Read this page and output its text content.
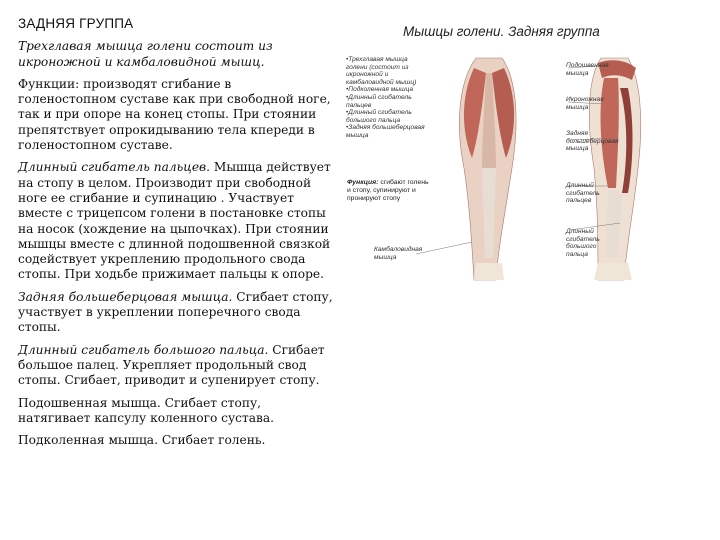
ЗАДНЯЯ ГРУППА

Трехглавая мышца голени состоит из икроножной и камбаловидной мышц.

Функции: производят сгибание в голеностопном суставе как при свободной ноге, так и при опоре на конец стопы. При стоянии препятствует опрокидыванию тела кпереди в голеностопном суставе.

Длинный сгибатель пальцев. Мышца действует на стопу в целом. Производит при свободной ноге ее сгибание и супинацию . Участвует вместе с трицепсом голени в постановке стопы на носок (хождение на цыпочках). При стоянии мышцы вместе с длинной подошвенной связкой содействует укреплению продольного свода стопы. При ходьбе прижимает пальцы к опоре.

Задняя большеберцовая мышца. Сгибает стопу, участвует в укреплении поперечного свода стопы.

Длинный сгибатель большого пальца. Сгибает большое палец. Укрепляет продольный свод стопы. Сгибает, приводит и супенирует стопу.

Подошвенная мышца. Сгибает стопу, натягивает капсулу коленного сустава.

Подколенная мышца. Сгибает голень.

Мышцы голени. Задняя группа
•Трехглавая мышца
голени (состоит из
икроножной и
камбаловидной мышц)
•Подколенная мышца
•Длинный сгибатель
пальцев
•Длинный сгибатель
большого пальца
•Задняя большеберцовая
мышца
Функция: сгибают голень
и стопу, супинируют и
пронируют стопу
Камбаловидная
мышца
Подошвенная
мышца
Икроножная
мышца
Задняя
большеберцовая
мышца
Длинный
сгибатель
пальцев
Длинный
сгибатель
большого
пальца
